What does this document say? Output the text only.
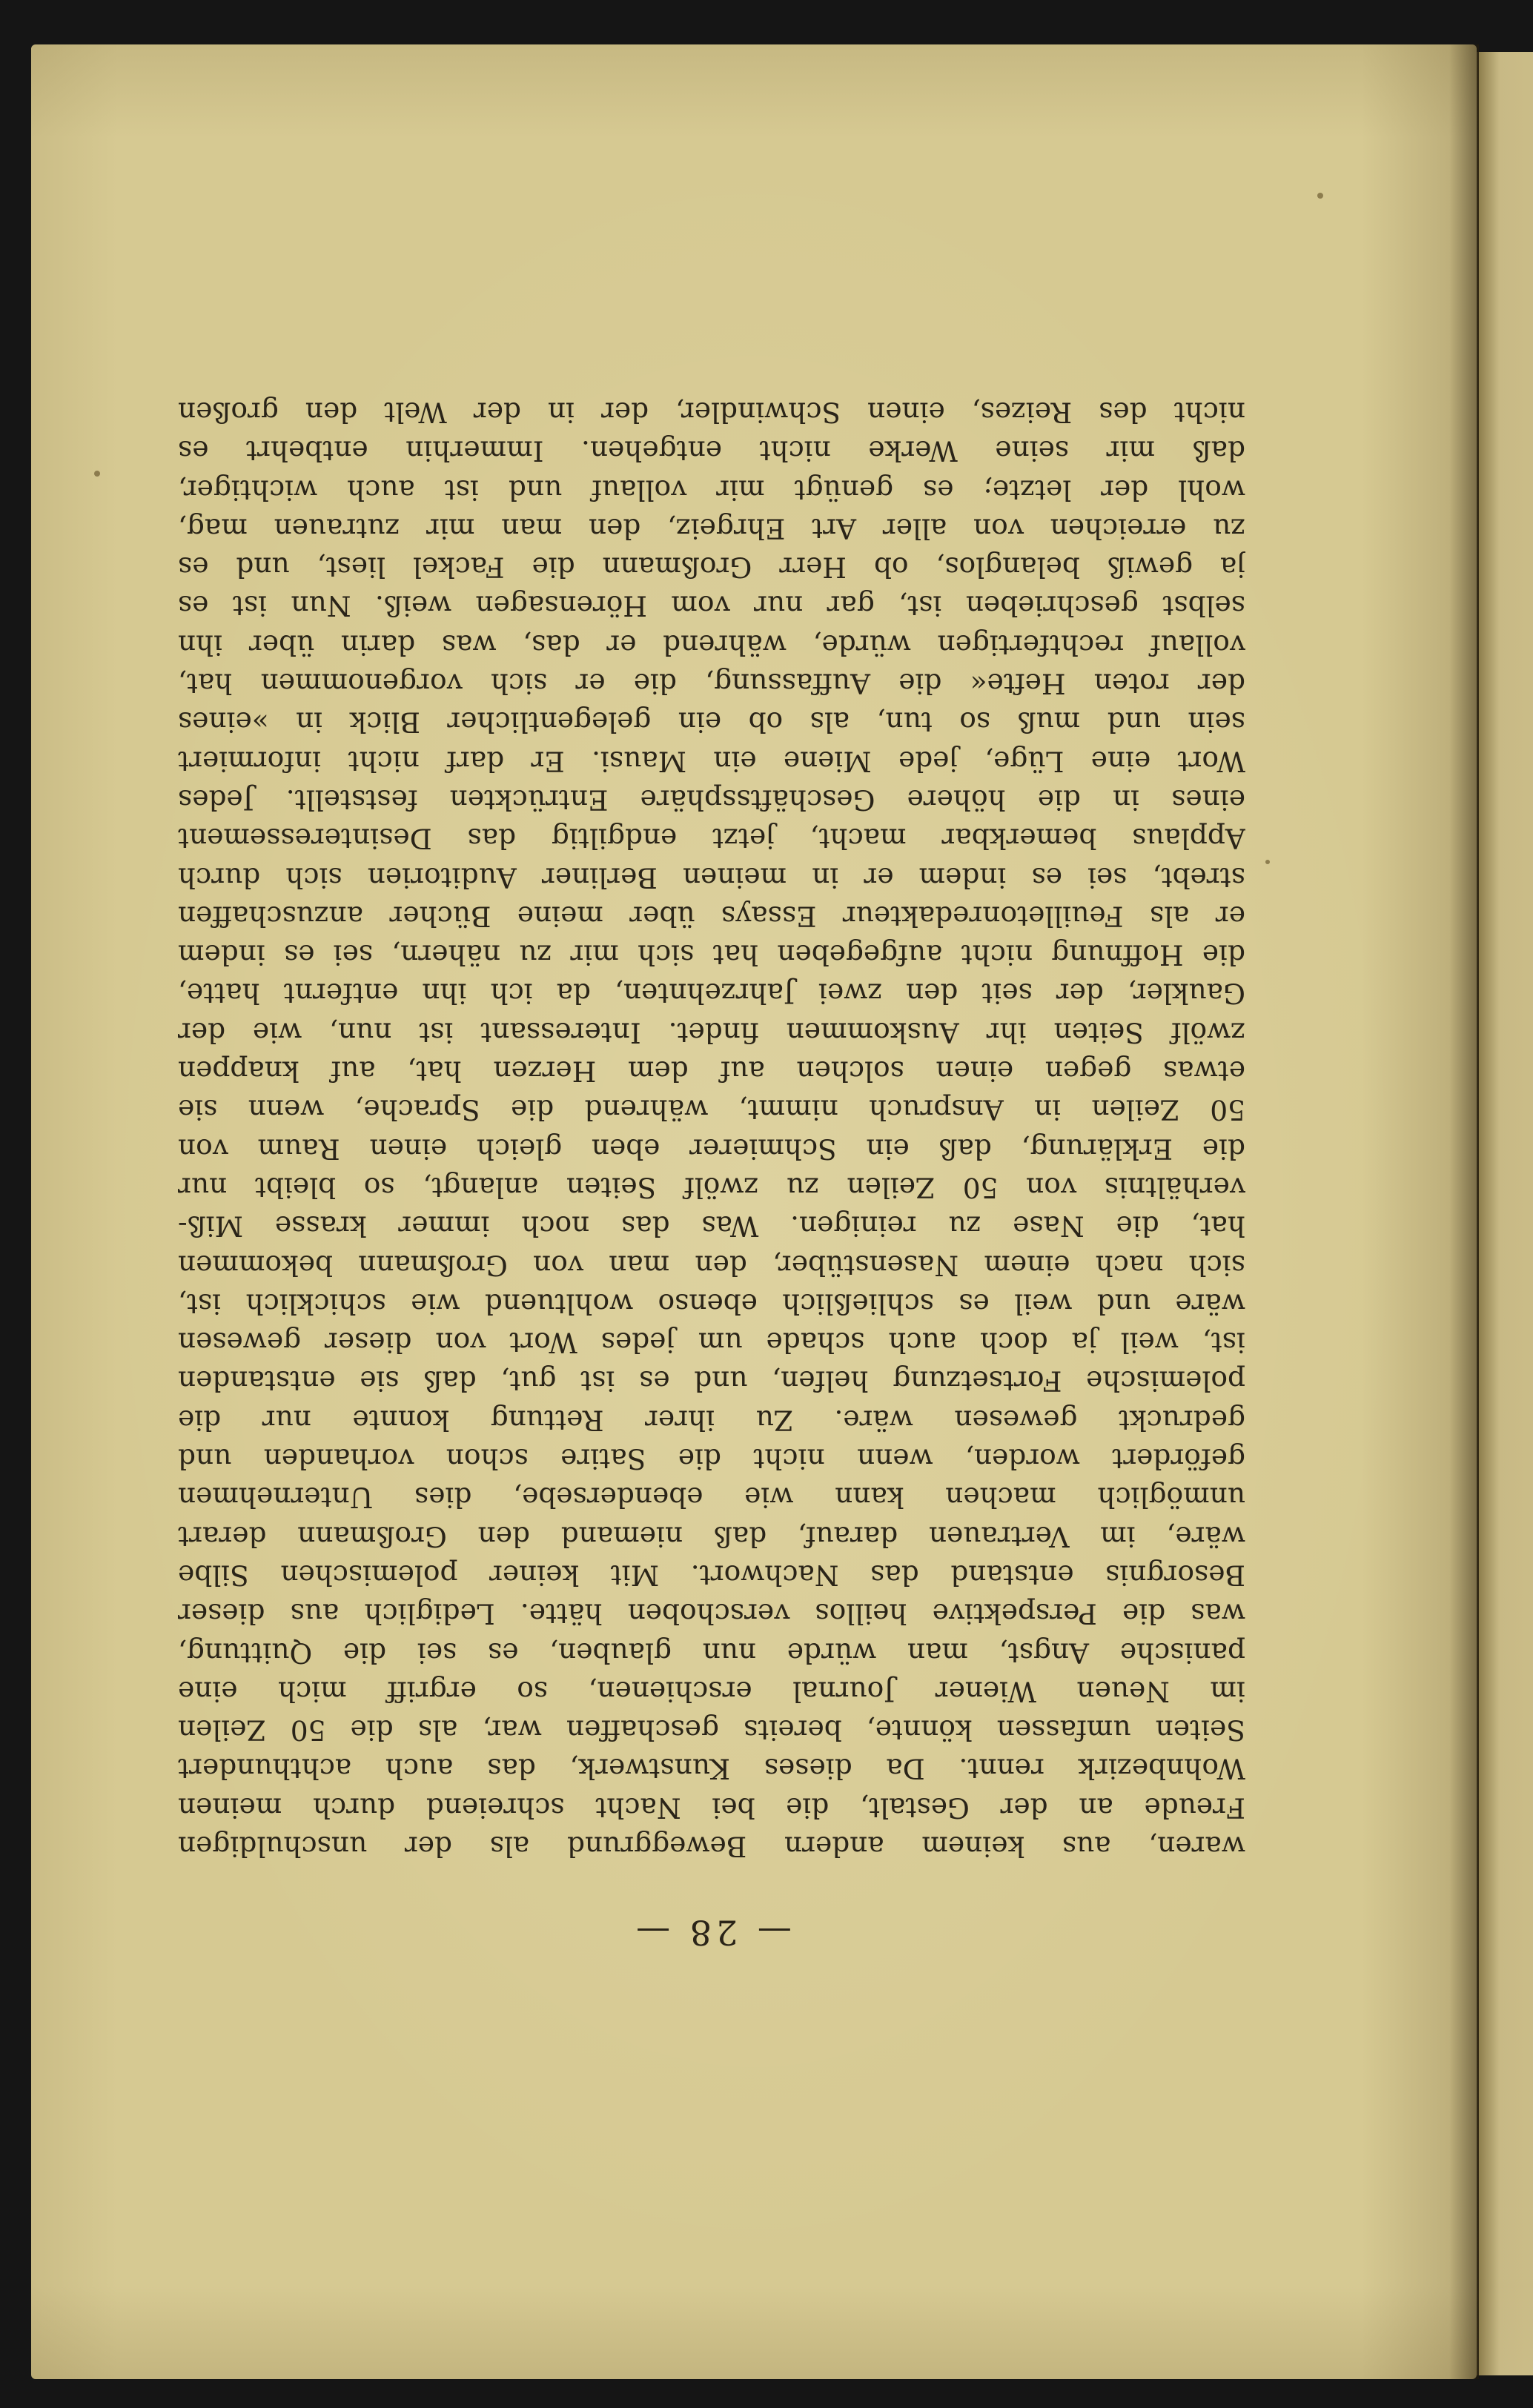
— 28 —
waren, aus keinem andern Beweggrund als der unschuldigen
Freude an der Gestalt, die bei Nacht schreiend durch meinen
Wohnbezirk rennt. Da dieses Kunstwerk, das auch achthundert
Seiten umfassen könnte, bereits geschaffen war, als die 50 Zeilen
im Neuen Wiener Journal erschienen, so ergriff mich eine
panische Angst, man würde nun glauben, es sei die Quittung,
was die Perspektive heillos verschoben hätte. Lediglich aus dieser
Besorgnis entstand das Nachwort. Mit keiner polemischen Silbe
wäre, im Vertrauen darauf, daß niemand den Großmann derart
unmöglich machen kann wie ebendersebe, dies Unternehmen
gefördert worden, wenn nicht die Satire schon vorhanden und
gedruckt gewesen wäre. Zu ihrer Rettung konnte nur die
polemische Fortsetzung helfen, und es ist gut, daß sie entstanden
ist, weil ja doch auch schade um jedes Wort von dieser gewesen
wäre und weil es schließlich ebenso wohltuend wie schicklich ist,
sich nach einem Nasenstüber, den man von Großmann bekommen
hat, die Nase zu reinigen. Was das noch immer krasse Miß-
verhältnis von 50 Zeilen zu zwölf Seiten anlangt, so bleibt nur
die Erklärung, daß ein Schmierer eben gleich einen Raum von
50 Zeilen in Anspruch nimmt, während die Sprache, wenn sie
etwas gegen einen solchen auf dem Herzen hat, auf knappen
zwölf Seiten ihr Auskommen findet. Interessant ist nun, wie der
Gaukler, der seit den zwei Jahrzehnten, da ich ihn entfernt hatte,
die Hoffnung nicht aufgegeben hat sich mir zu nähern, sei es indem
er als Feuilletonredakteur Essays über meine Bücher anzuschaffen
strebt, sei es indem er in meinen Berliner Auditorien sich durch
Applaus bemerkbar macht, jetzt endgiltig das Desinteressement
eines in die höhere Geschäftssphäre Entrückten feststellt. Jedes
Wort eine Lüge, jede Miene ein Mausi. Er darf nicht informiert
sein und muß so tun, als ob ein gelegentlicher Blick in »eines
der roten Hefte« die Auffassung, die er sich vorgenommen hat,
vollauf rechtfertigen würde, während er das, was darin über ihn
selbst geschrieben ist, gar nur vom Hörensagen weiß. Nun ist es
ja gewiß belanglos, ob Herr Großmann die Fackel liest, und es
zu erreichen von aller Art Ehrgeiz, den man mir zutrauen mag,
wohl der letzte; es genügt mir vollauf und ist auch wichtiger,
daß mir seine Werke nicht entgehen. Immerhin entbehrt es
nicht des Reizes, einen Schwindler, der in der Welt den großen
